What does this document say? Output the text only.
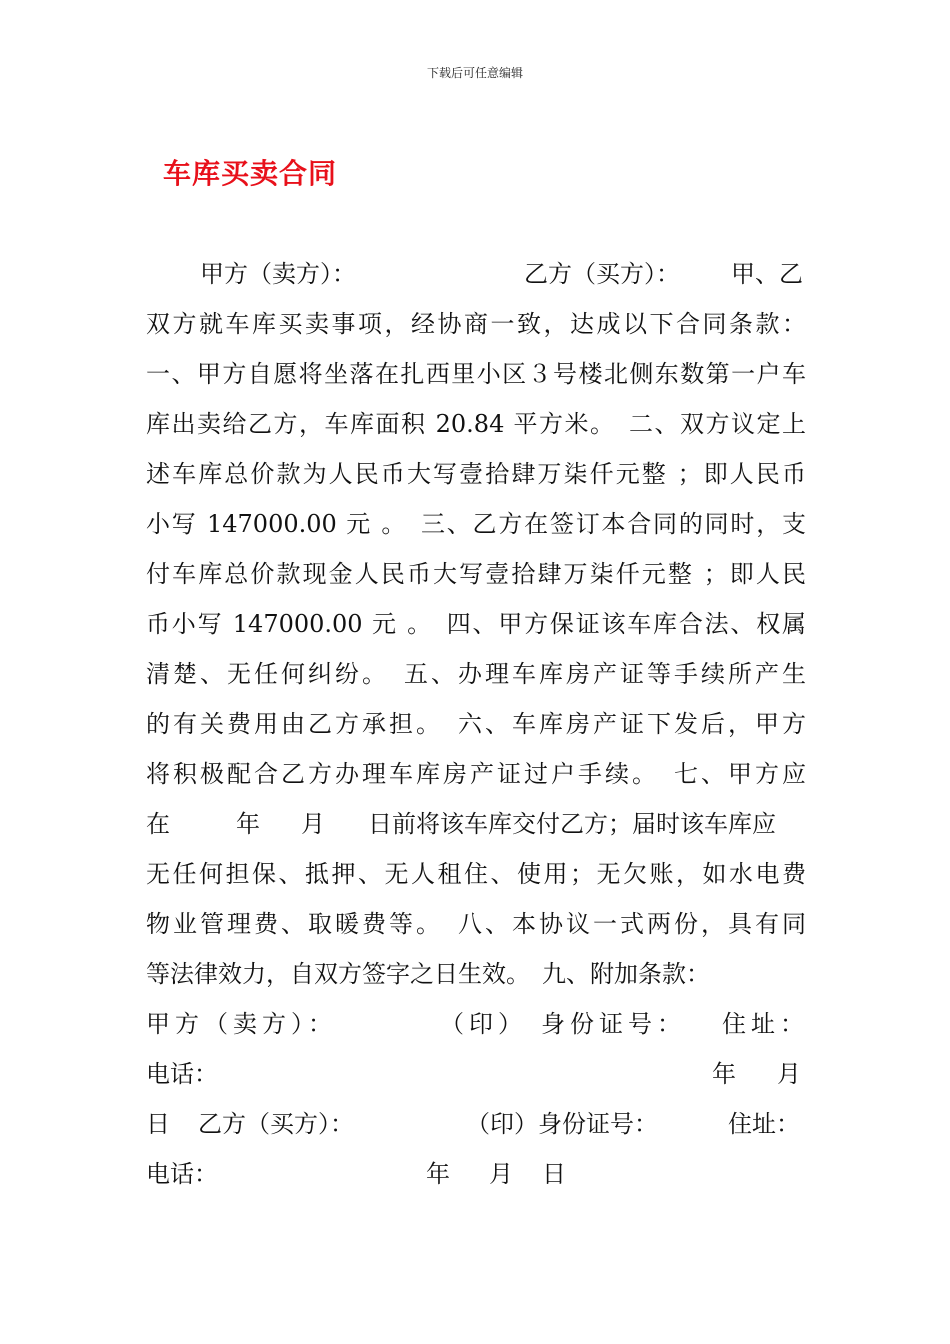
下载后可任意编辑
车库买卖合同
甲方（卖方）：	乙方（买方）： 甲、乙
双方就车库买卖事项，经协商一致，达成以下合同条款：
一、甲方自愿将坐落在扎西里小区３号楼北侧东数第一户车
库出卖给乙方，车库面积 20.84 平方米。　二、双方议定上
述车库总价款为人民币大写壹拾肆万柒仟元整 ；即人民币
小写 147000.00 元 。　三、乙方在签订本合同的同时，支
付车库总价款现金人民币大写壹拾肆万柒仟元整 ；即人民
币小写 147000.00 元 。　四、甲方保证该车库合法、权属
清楚、无任何纠纷。　五、办理车库房产证等手续所产生
的有关费用由乙方承担。　六、车库房产证下发后，甲方
将积极配合乙方办理车库房产证过户手续。　七、甲方应
在	年 月 日前将该车库交付乙方；届时该车库应
无任何担保、抵押、无人租住、使用；无欠账，如水电费
物业管理费、取暖费等。　八、本协议一式两份，具有同
等法律效力，自双方签字之日生效。　九、附加条款：
甲方（卖方）：	（印） 身份证号： 住址：
电话：	年 月
日 乙方（买方）：	（印）身份证号：	住址：
电话：	年 月 日
